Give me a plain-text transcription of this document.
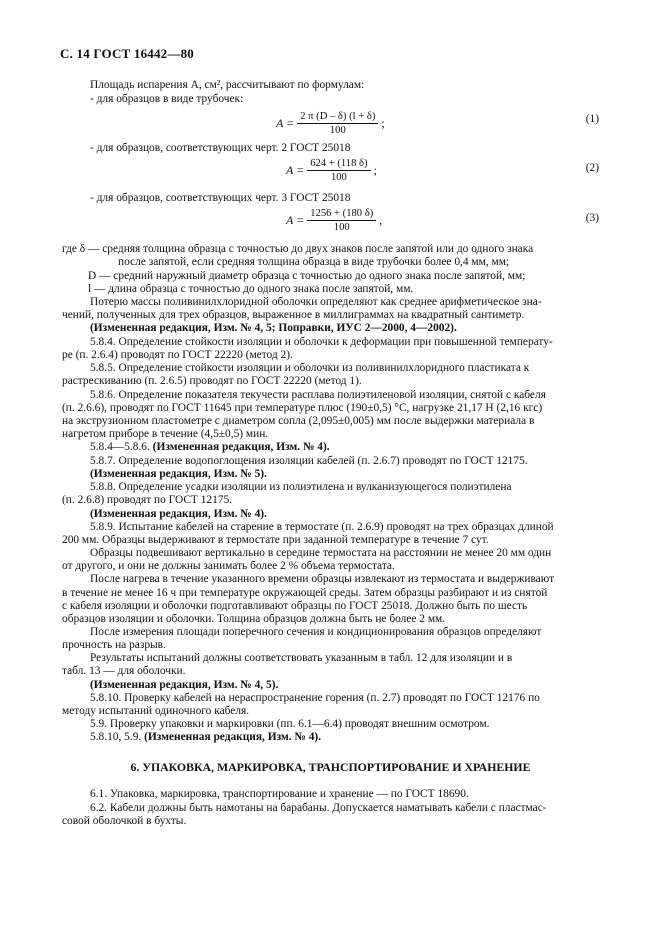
С. 14 ГОСТ 16442—80
Площадь испарения A, см², рассчитывают по формулам:
- для образцов в виде трубочек:
$A = \frac{2 \pi (D - \delta) (l + \delta)}{100}$ ;	(1)
- для образцов, соответствующих черт. 2 ГОСТ 25018
$A = \frac{624 + (118 \delta)}{100}$ ;	(2)
- для образцов, соответствующих черт. 3 ГОСТ 25018
$A = \frac{1256 + (180 \delta)}{100}$ ,	(3)
где δ — средняя толщина образца с точностью до двух знаков после запятой или до одного знака
после запятой, если средняя толщина образца в виде трубочки более 0,4 мм, мм;
D — средний наружный диаметр образца с точностью до одного знака после запятой, мм;
l — длина образца с точностью до одного знака после запятой, мм.
Потерю массы поливинилхлоридной оболочки определяют как среднее арифметическое зна-
чений, полученных для трех образцов, выраженное в миллиграммах на квадратный сантиметр.
(Измененная редакция, Изм. № 4, 5; Поправки, ИУС 2—2000, 4—2002).
5.8.4. Определение стойкости изоляции и оболочки к деформации при повышенной температу-
ре (п. 2.6.4) проводят по ГОСТ 22220 (метод 2).
5.8.5. Определение стойкости изоляции и оболочки из поливинилхлоридного пластиката к
растрескиванию (п. 2.6.5) проводят по ГОСТ 22220 (метод 1).
5.8.6. Определение показателя текучести расплава полиэтиленовой изоляции, снятой с кабеля
(п. 2.6.6), проводят по ГОСТ 11645 при температуре плюс (190±0,5) °С, нагрузке 21,17 Н (2,16 кгс)
на экструзионном пластометре с диаметром сопла (2,095±0,005) мм после выдержки материала в
нагретом приборе в течение (4,5±0,5) мин.
5.8.4—5.8.6. (Измененная редакция, Изм. № 4).
5.8.7. Определение водопоглощения изоляции кабелей (п. 2.6.7) проводят по ГОСТ 12175.
(Измененная редакция, Изм. № 5).
5.8.8. Определение усадки изоляции из полиэтилена и вулканизующегося полиэтилена
(п. 2.6.8) проводят по ГОСТ 12175.
(Измененная редакция, Изм. № 4).
5.8.9. Испытание кабелей на старение в термостате (п. 2.6.9) проводят на трех образцах длиной
200 мм. Образцы выдерживают в термостате при заданной температуре в течение 7 сут.
Образцы подвешивают вертикально в середине термостата на расстоянии не менее 20 мм один
от другого, и они не должны занимать более 2 % объема термостата.
После нагрева в течение указанного времени образцы извлекают из термостата и выдерживают
в течение не менее 16 ч при температуре окружающей среды. Затем образцы разбирают и из снятой
с кабеля изоляции и оболочки подготавливают образцы по ГОСТ 25018. Должно быть по шесть
образцов изоляции и оболочки. Толщина образцов должна быть не более 2 мм.
После измерения площади поперечного сечения и кондиционирования образцов определяют
прочность на разрыв.
Результаты испытаний должны соответствовать указанным в табл. 12 для изоляции и в
табл. 13 — для оболочки.
(Измененная редакция, Изм. № 4, 5).
5.8.10. Проверку кабелей на нераспространение горения (п. 2.7) проводят по ГОСТ 12176 по
методу испытаний одиночного кабеля.
5.9. Проверку упаковки и маркировки (пп. 6.1—6.4) проводят внешним осмотром.
5.8.10, 5.9. (Измененная редакция, Изм. № 4).
6. УПАКОВКА, МАРКИРОВКА, ТРАНСПОРТИРОВАНИЕ И ХРАНЕНИЕ
6.1. Упаковка, маркировка, транспортирование и хранение — по ГОСТ 18690.
6.2. Кабели должны быть намотаны на барабаны. Допускается наматывать кабели с пластмас-
совой оболочкой в бухты.
